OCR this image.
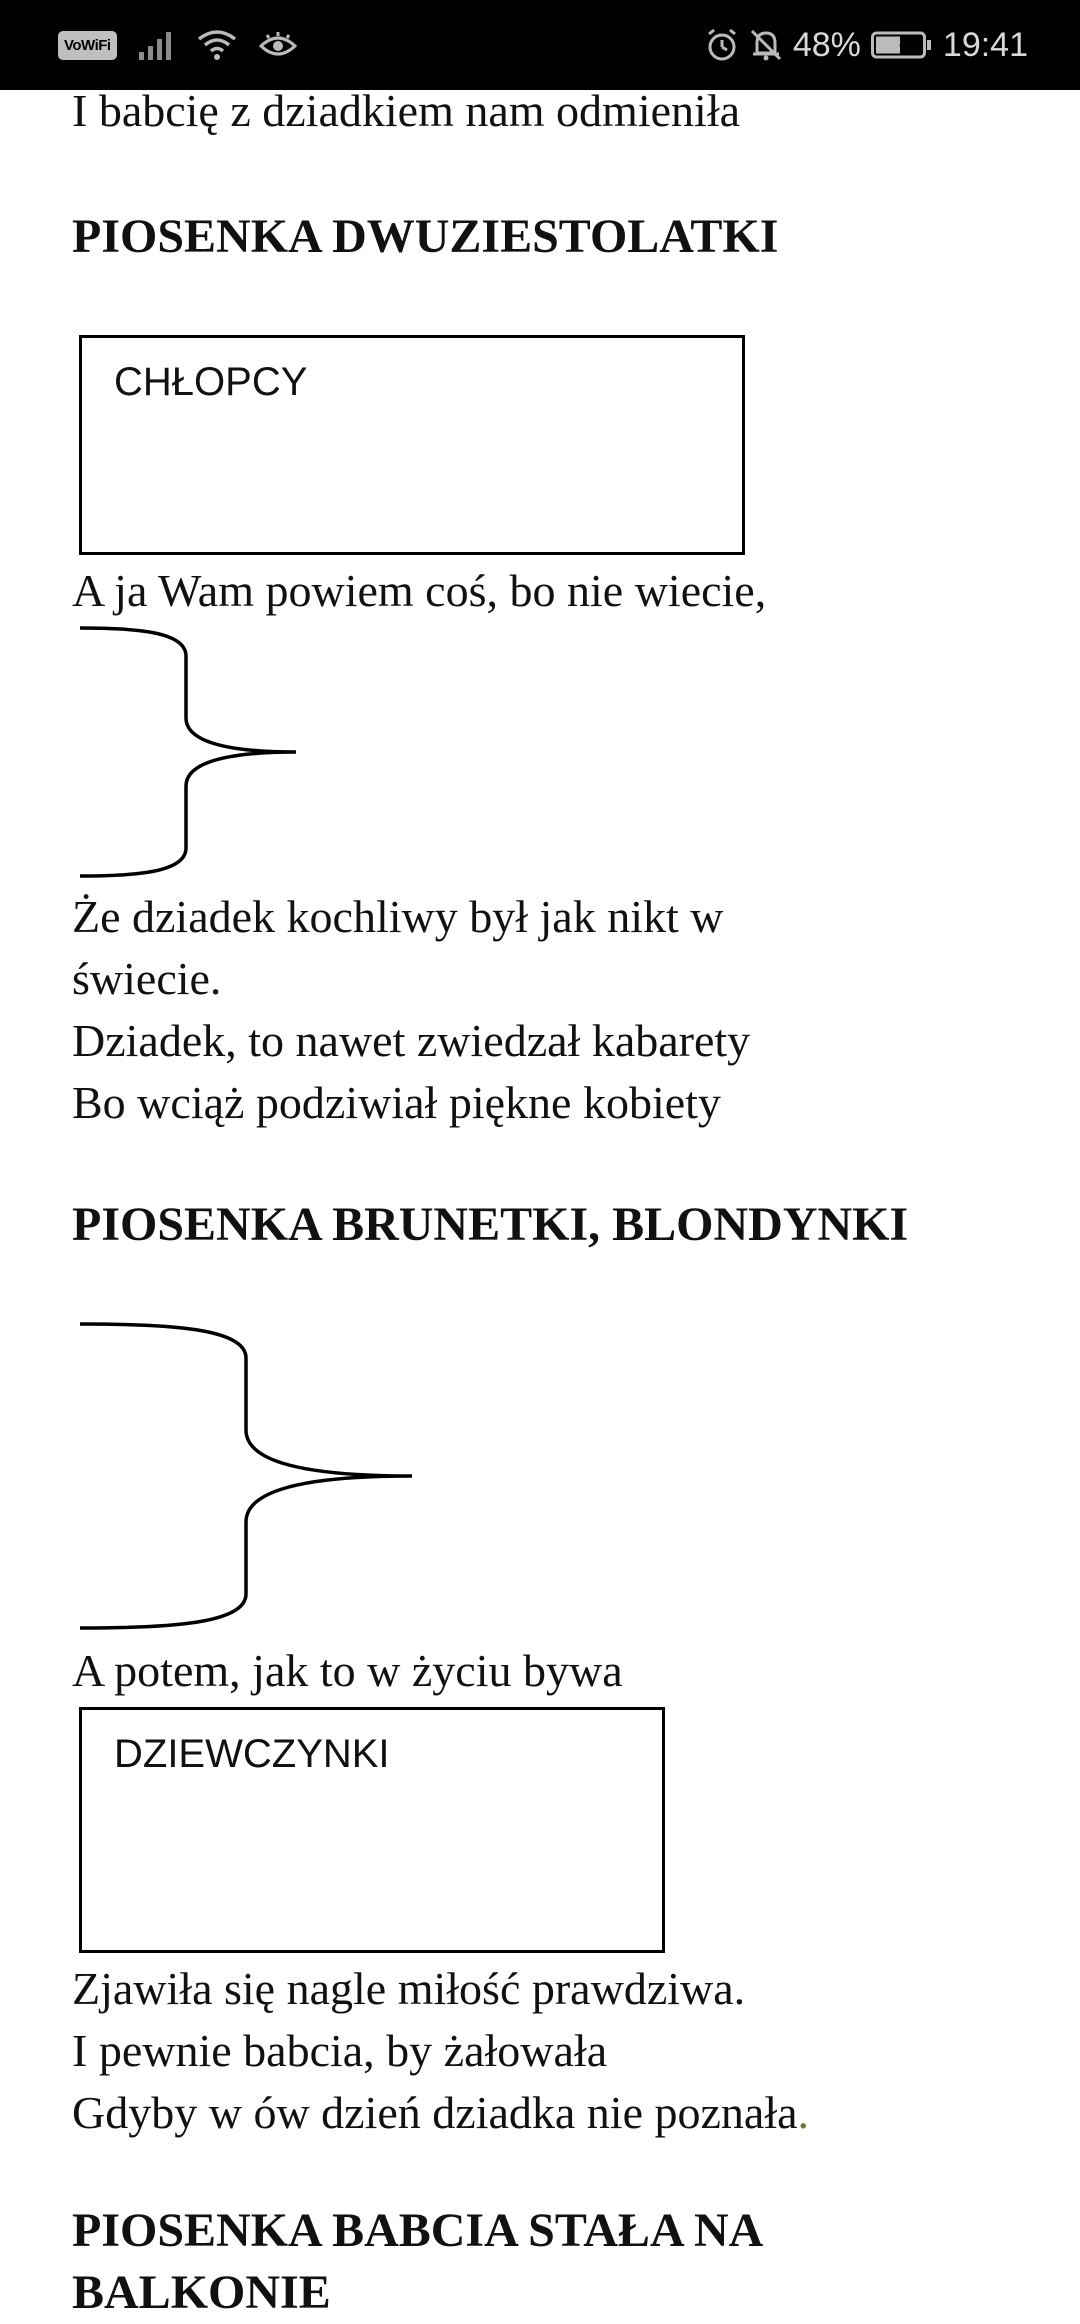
VoWiFi	48% 19:41
I babcię z dziadkiem nam odmieniła
PIOSENKA DWUZIESTOLATKI
CHŁOPCY
A ja Wam powiem coś, bo nie wiecie,
Że dziadek kochliwy był jak nikt w
świecie.
Dziadek, to nawet zwiedzał kabarety
Bo wciąż podziwiał piękne kobiety
PIOSENKA BRUNETKI, BLONDYNKI
A potem, jak to w życiu bywa
DZIEWCZYNKI
Zjawiła się nagle miłość prawdziwa.
I pewnie babcia, by żałowała
Gdyby w ów dzień dziadka nie poznała.
PIOSENKA BABCIA STAŁA NA
BALKONIE
